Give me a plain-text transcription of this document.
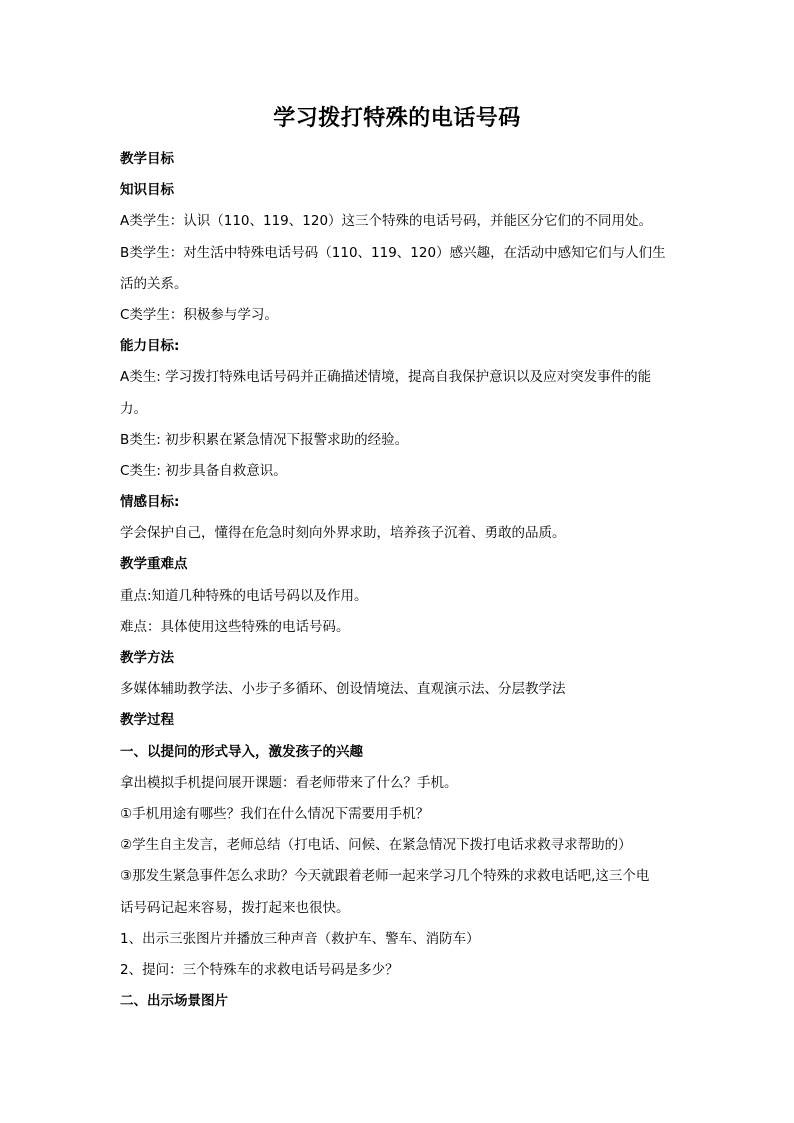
学习拨打特殊的电话号码
教学目标
知识目标
A类学生：认识（110、119、120）这三个特殊的电话号码，并能区分它们的不同用处。
B类学生：对生活中特殊电话号码（110、119、120）感兴趣，在活动中感知它们与人们生
活的关系。
C类学生：积极参与学习。
能力目标:
A类生: 学习拨打特殊电话号码并正确描述情境，提高自我保护意识以及应对突发事件的能
力。
B类生: 初步积累在紧急情况下报警求助的经验。
C类生: 初步具备自救意识。
情感目标:
学会保护自己，懂得在危急时刻向外界求助，培养孩子沉着、勇敢的品质。
教学重难点
重点:知道几种特殊的电话号码以及作用。
难点：具体使用这些特殊的电话号码。
教学方法
多媒体辅助教学法、小步子多循环、创设情境法、直观演示法、分层教学法
教学过程
一、以提问的形式导入，激发孩子的兴趣
拿出模拟手机提问展开课题：看老师带来了什么？手机。
①手机用途有哪些？我们在什么情况下需要用手机？
②学生自主发言，老师总结（打电话、问候、在紧急情况下拨打电话求救寻求帮助的）
③那发生紧急事件怎么求助？今天就跟着老师一起来学习几个特殊的求救电话吧,这三个电
话号码记起来容易，拨打起来也很快。
1、出示三张图片并播放三种声音（救护车、警车、消防车）
2、提问：三个特殊车的求救电话号码是多少？
二、出示场景图片
